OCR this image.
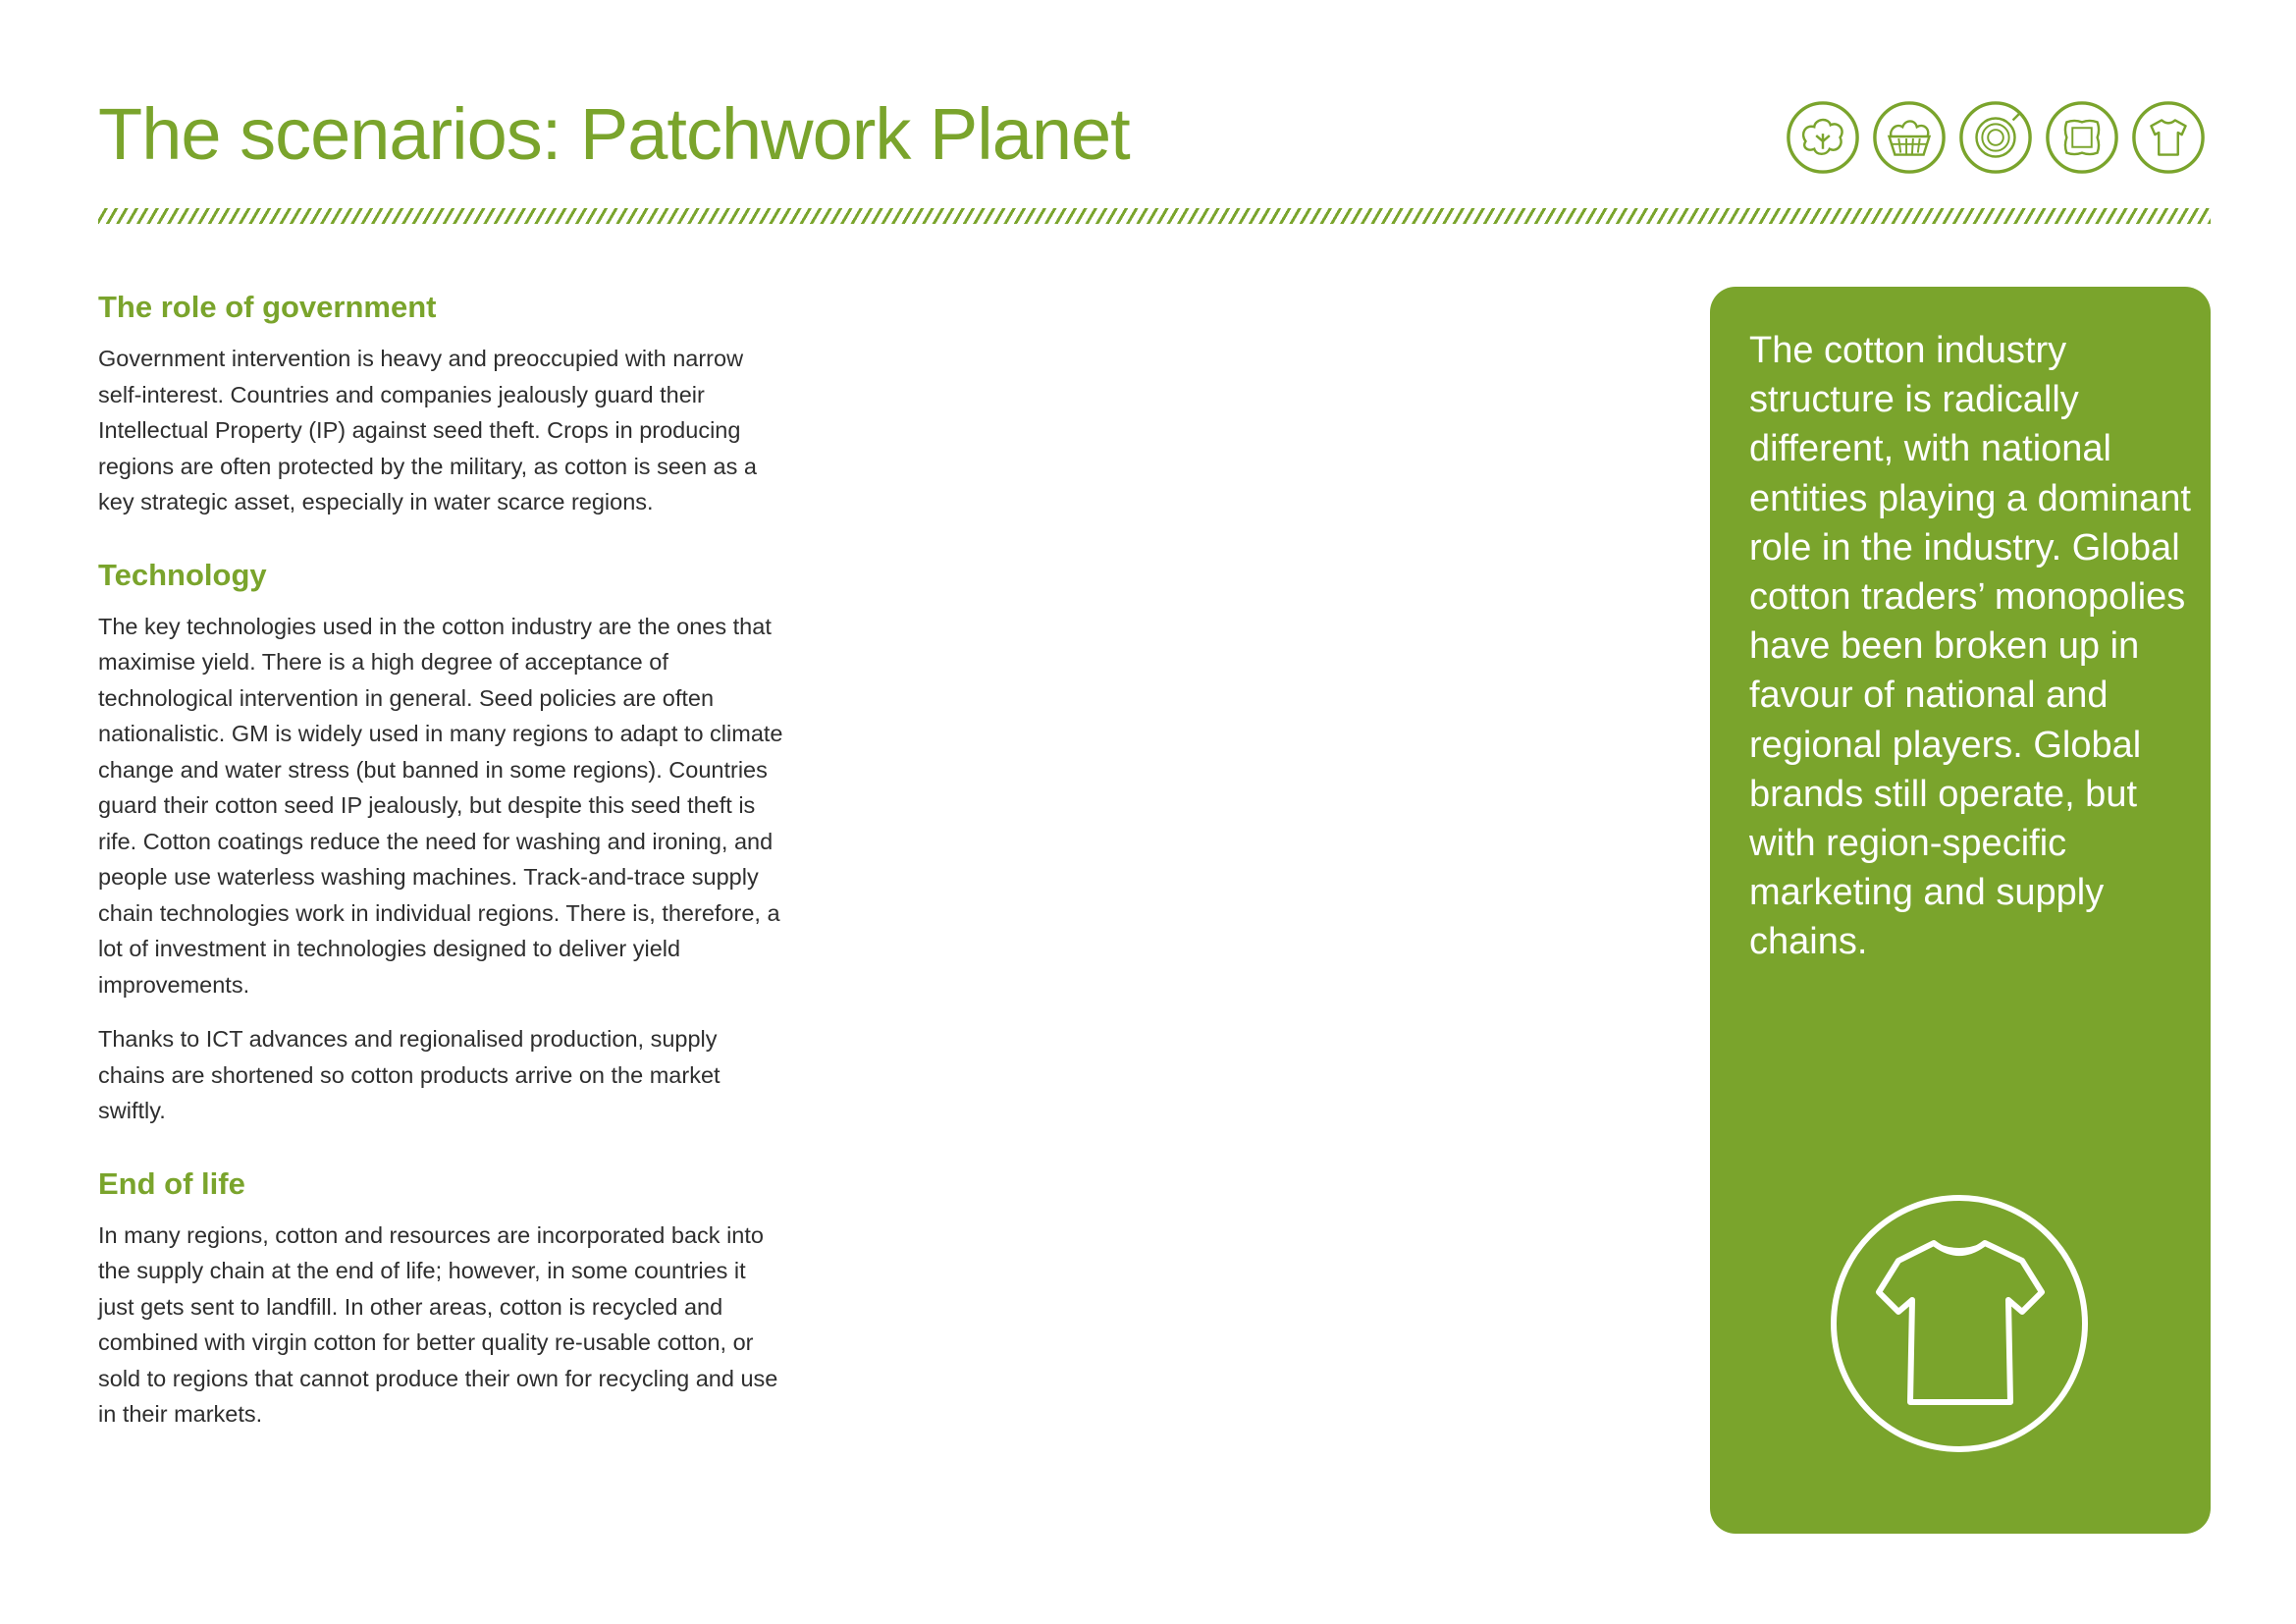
The scenarios: Patchwork Planet
The role of government

Government intervention is heavy and preoccupied with narrow self-interest. Countries and companies jealously guard their Intellectual Property (IP) against seed theft. Crops in producing regions are often protected by the military, as cotton is seen as a key strategic asset, especially in water scarce regions.

Technology

The key technologies used in the cotton industry are the ones that maximise yield. There is a high degree of acceptance of technological intervention in general. Seed policies are often nationalistic. GM is widely used in many regions to adapt to climate change and water stress (but banned in some regions). Countries guard their cotton seed IP jealously, but despite this seed theft is rife. Cotton coatings reduce the need for washing and ironing, and people use waterless washing machines. Track-and-trace supply chain technologies work in individual regions. There is, therefore, a lot of investment in technologies designed to deliver yield improvements.

Thanks to ICT advances and regionalised production, supply chains are shortened so cotton products arrive on the market swiftly.

End of life

In many regions, cotton and resources are incorporated back into the supply chain at the end of life; however, in some countries it just gets sent to landfill. In other areas, cotton is recycled and combined with virgin cotton for better quality re-usable cotton, or sold to regions that cannot produce their own for recycling and use in their markets.

The cotton industry structure is radically different, with national entities playing a dominant role in the industry. Global cotton traders’ monopolies have been broken up in favour of national and regional players. Global brands still operate, but with region-specific marketing and supply chains.
